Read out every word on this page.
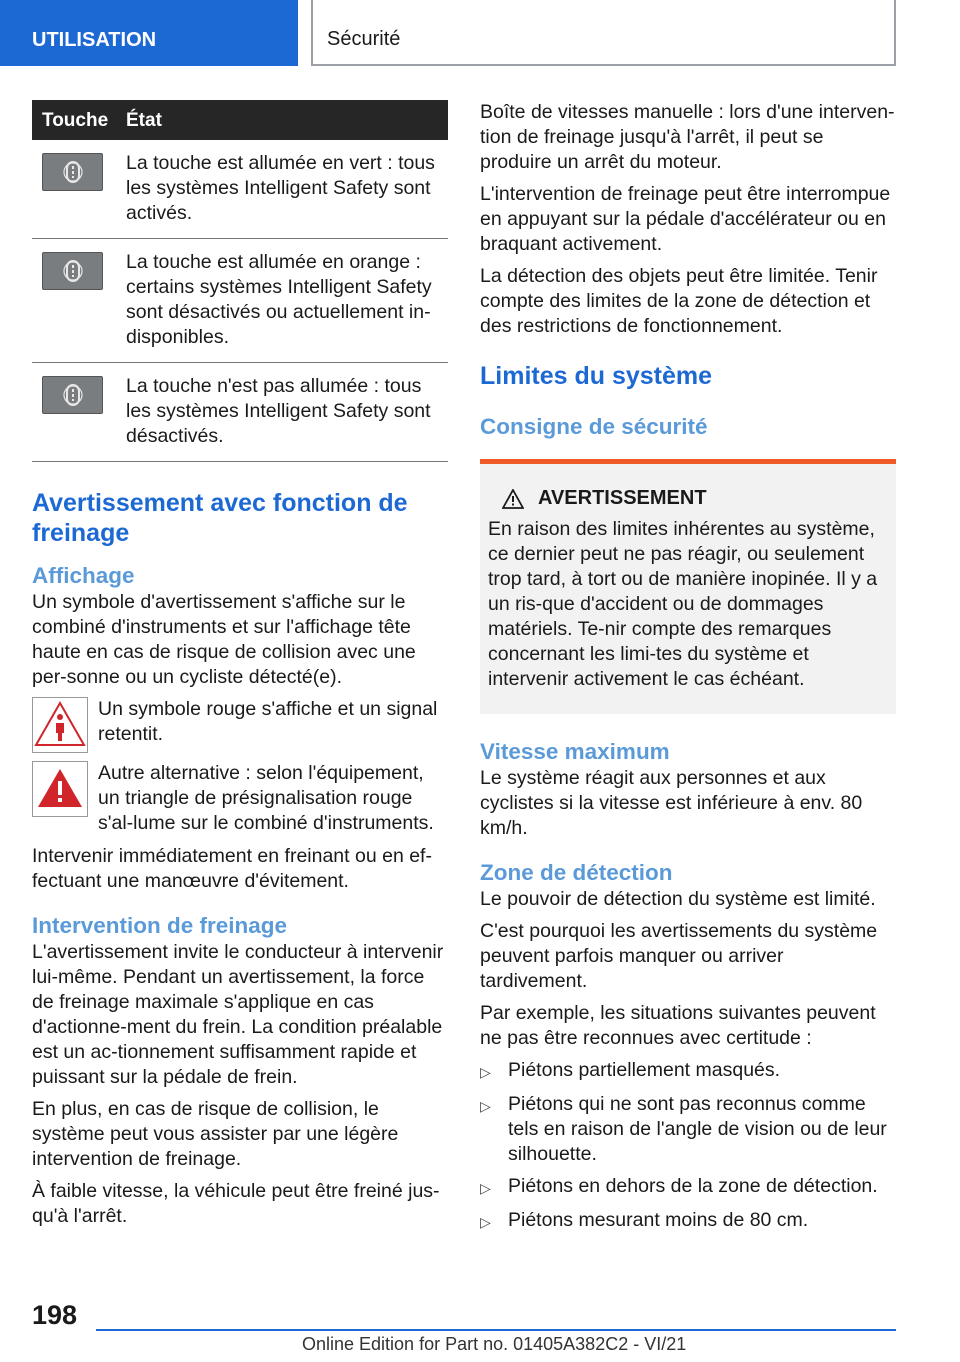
UTILISATION	Sécurité
Touche État
La touche est allumée en vert : tous les systèmes Intelligent Safety sont activés.
La touche est allumée en orange : certains systèmes Intelligent Safety sont désactivés ou actuellement in-disponibles.
La touche n'est pas allumée : tous les systèmes Intelligent Safety sont désactivés.
Avertissement avec fonction de freinage
Affichage

Un symbole d'avertissement s'affiche sur le combiné d'instruments et sur l'affichage tête haute en cas de risque de collision avec une per-sonne ou un cycliste détecté(e).

Un symbole rouge s'affiche et un signal retentit.
Autre alternative : selon l'équipement, un triangle de présignalisation rouge s'al-lume sur le combiné d'instruments.

Intervenir immédiatement en freinant ou en ef-fectuant une manœuvre d'évitement.

Intervention de freinage

L'avertissement invite le conducteur à intervenir lui-même. Pendant un avertissement, la force de freinage maximale s'applique en cas d'actionne-ment du frein. La condition préalable est un ac-tionnement suffisamment rapide et puissant sur la pédale de frein.

En plus, en cas de risque de collision, le système peut vous assister par une légère intervention de freinage.

À faible vitesse, la véhicule peut être freiné jus-qu'à l'arrêt.

Boîte de vitesses manuelle : lors d'une interven-tion de freinage jusqu'à l'arrêt, il peut se produire un arrêt du moteur.

L'intervention de freinage peut être interrompue en appuyant sur la pédale d'accélérateur ou en braquant activement.

La détection des objets peut être limitée. Tenir compte des limites de la zone de détection et des restrictions de fonctionnement.

Limites du système
Consigne de sécurité
AVERTISSEMENT
En raison des limites inhérentes au système, ce dernier peut ne pas réagir, ou seulement trop tard, à tort ou de manière inopinée. Il y a un ris-que d'accident ou de dommages matériels. Te-nir compte des remarques concernant les limi-tes du système et intervenir activement le cas échéant.
Vitesse maximum

Le système réagit aux personnes et aux cyclistes si la vitesse est inférieure à env. 80 km/h.

Zone de détection

Le pouvoir de détection du système est limité.

C'est pourquoi les avertissements du système peuvent parfois manquer ou arriver tardivement.

Par exemple, les situations suivantes peuvent ne pas être reconnues avec certitude :

▷ Piétons partiellement masqués.
▷ Piétons qui ne sont pas reconnus comme tels en raison de l'angle de vision ou de leur silhouette.
▷ Piétons en dehors de la zone de détection.
▷ Piétons mesurant moins de 80 cm.
198
Online Edition for Part no. 01405A382C2 - VI/21
